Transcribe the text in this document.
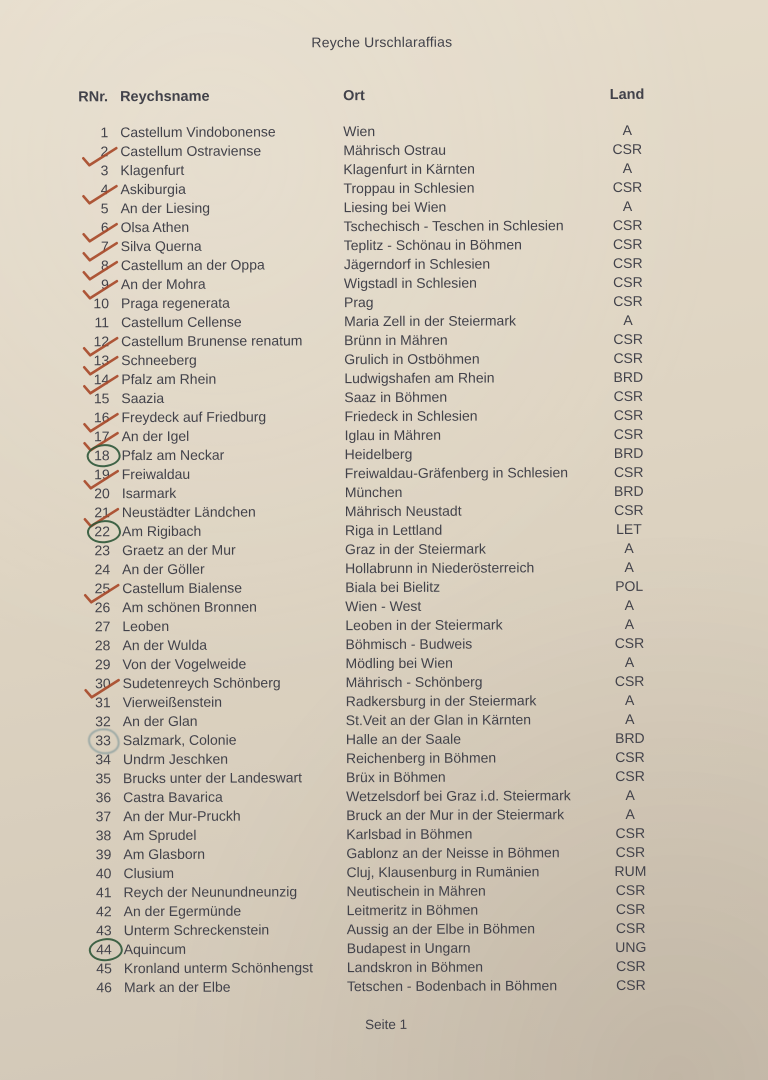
Reyche Urschlaraffias
RNr. Reychsname	Ort	Land
1 Castellum Vindobonense	Wien	A
2 Castellum Ostraviense	Mährisch Ostrau	CSR
3 Klagenfurt	Klagenfurt in Kärnten	A
4 Askiburgia	Troppau in Schlesien	CSR
5 An der Liesing	Liesing bei Wien	A
6 Olsa Athen	Tschechisch - Teschen in Schlesien	CSR
7 Silva Querna	Teplitz - Schönau in Böhmen	CSR
8 Castellum an der Oppa	Jägerndorf in Schlesien	CSR
9 An der Mohra	Wigstadl in Schlesien	CSR
10 Praga regenerata	Prag	CSR
11 Castellum Cellense	Maria Zell in der Steiermark	A
12 Castellum Brunense renatum	Brünn in Mähren	CSR
13 Schneeberg	Grulich in Ostböhmen	CSR
14 Pfalz am Rhein	Ludwigshafen am Rhein	BRD
15 Saazia	Saaz in Böhmen	CSR
16 Freydeck auf Friedburg	Friedeck in Schlesien	CSR
17 An der Igel	Iglau in Mähren	CSR
18 Pfalz am Neckar	Heidelberg	BRD
19 Freiwaldau	Freiwaldau-Gräfenberg in Schlesien	CSR
20 Isarmark	München	BRD
21 Neustädter Ländchen	Mährisch Neustadt	CSR
22 Am Rigibach	Riga in Lettland	LET
23 Graetz an der Mur	Graz in der Steiermark	A
24 An der Göller	Hollabrunn in Niederösterreich	A
25 Castellum Bialense	Biala bei Bielitz	POL
26 Am schönen Bronnen	Wien - West	A
27 Leoben	Leoben in der Steiermark	A
28 An der Wulda	Böhmisch - Budweis	CSR
29 Von der Vogelweide	Mödling bei Wien	A
30 Sudetenreych Schönberg	Mährisch - Schönberg	CSR
31 Vierweißenstein	Radkersburg in der Steiermark	A
32 An der Glan	St.Veit an der Glan in Kärnten	A
33 Salzmark, Colonie	Halle an der Saale	BRD
34 Undrm Jeschken	Reichenberg in Böhmen	CSR
35 Brucks unter der Landeswart	Brüx in Böhmen	CSR
36 Castra Bavarica	Wetzelsdorf bei Graz i.d. Steiermark	A
37 An der Mur-Pruckh	Bruck an der Mur in der Steiermark	A
38 Am Sprudel	Karlsbad in Böhmen	CSR
39 Am Glasborn	Gablonz an der Neisse in Böhmen	CSR
40 Clusium	Cluj, Klausenburg in Rumänien	RUM
41 Reych der Neunundneunzig	Neutischein in Mähren	CSR
42 An der Egermünde	Leitmeritz in Böhmen	CSR
43 Unterm Schreckenstein	Aussig an der Elbe in Böhmen	CSR
44 Aquincum	Budapest in Ungarn	UNG
45 Kronland unterm Schönhengst	Landskron in Böhmen	CSR
46 Mark an der Elbe	Tetschen - Bodenbach in Böhmen	CSR
Seite 1
